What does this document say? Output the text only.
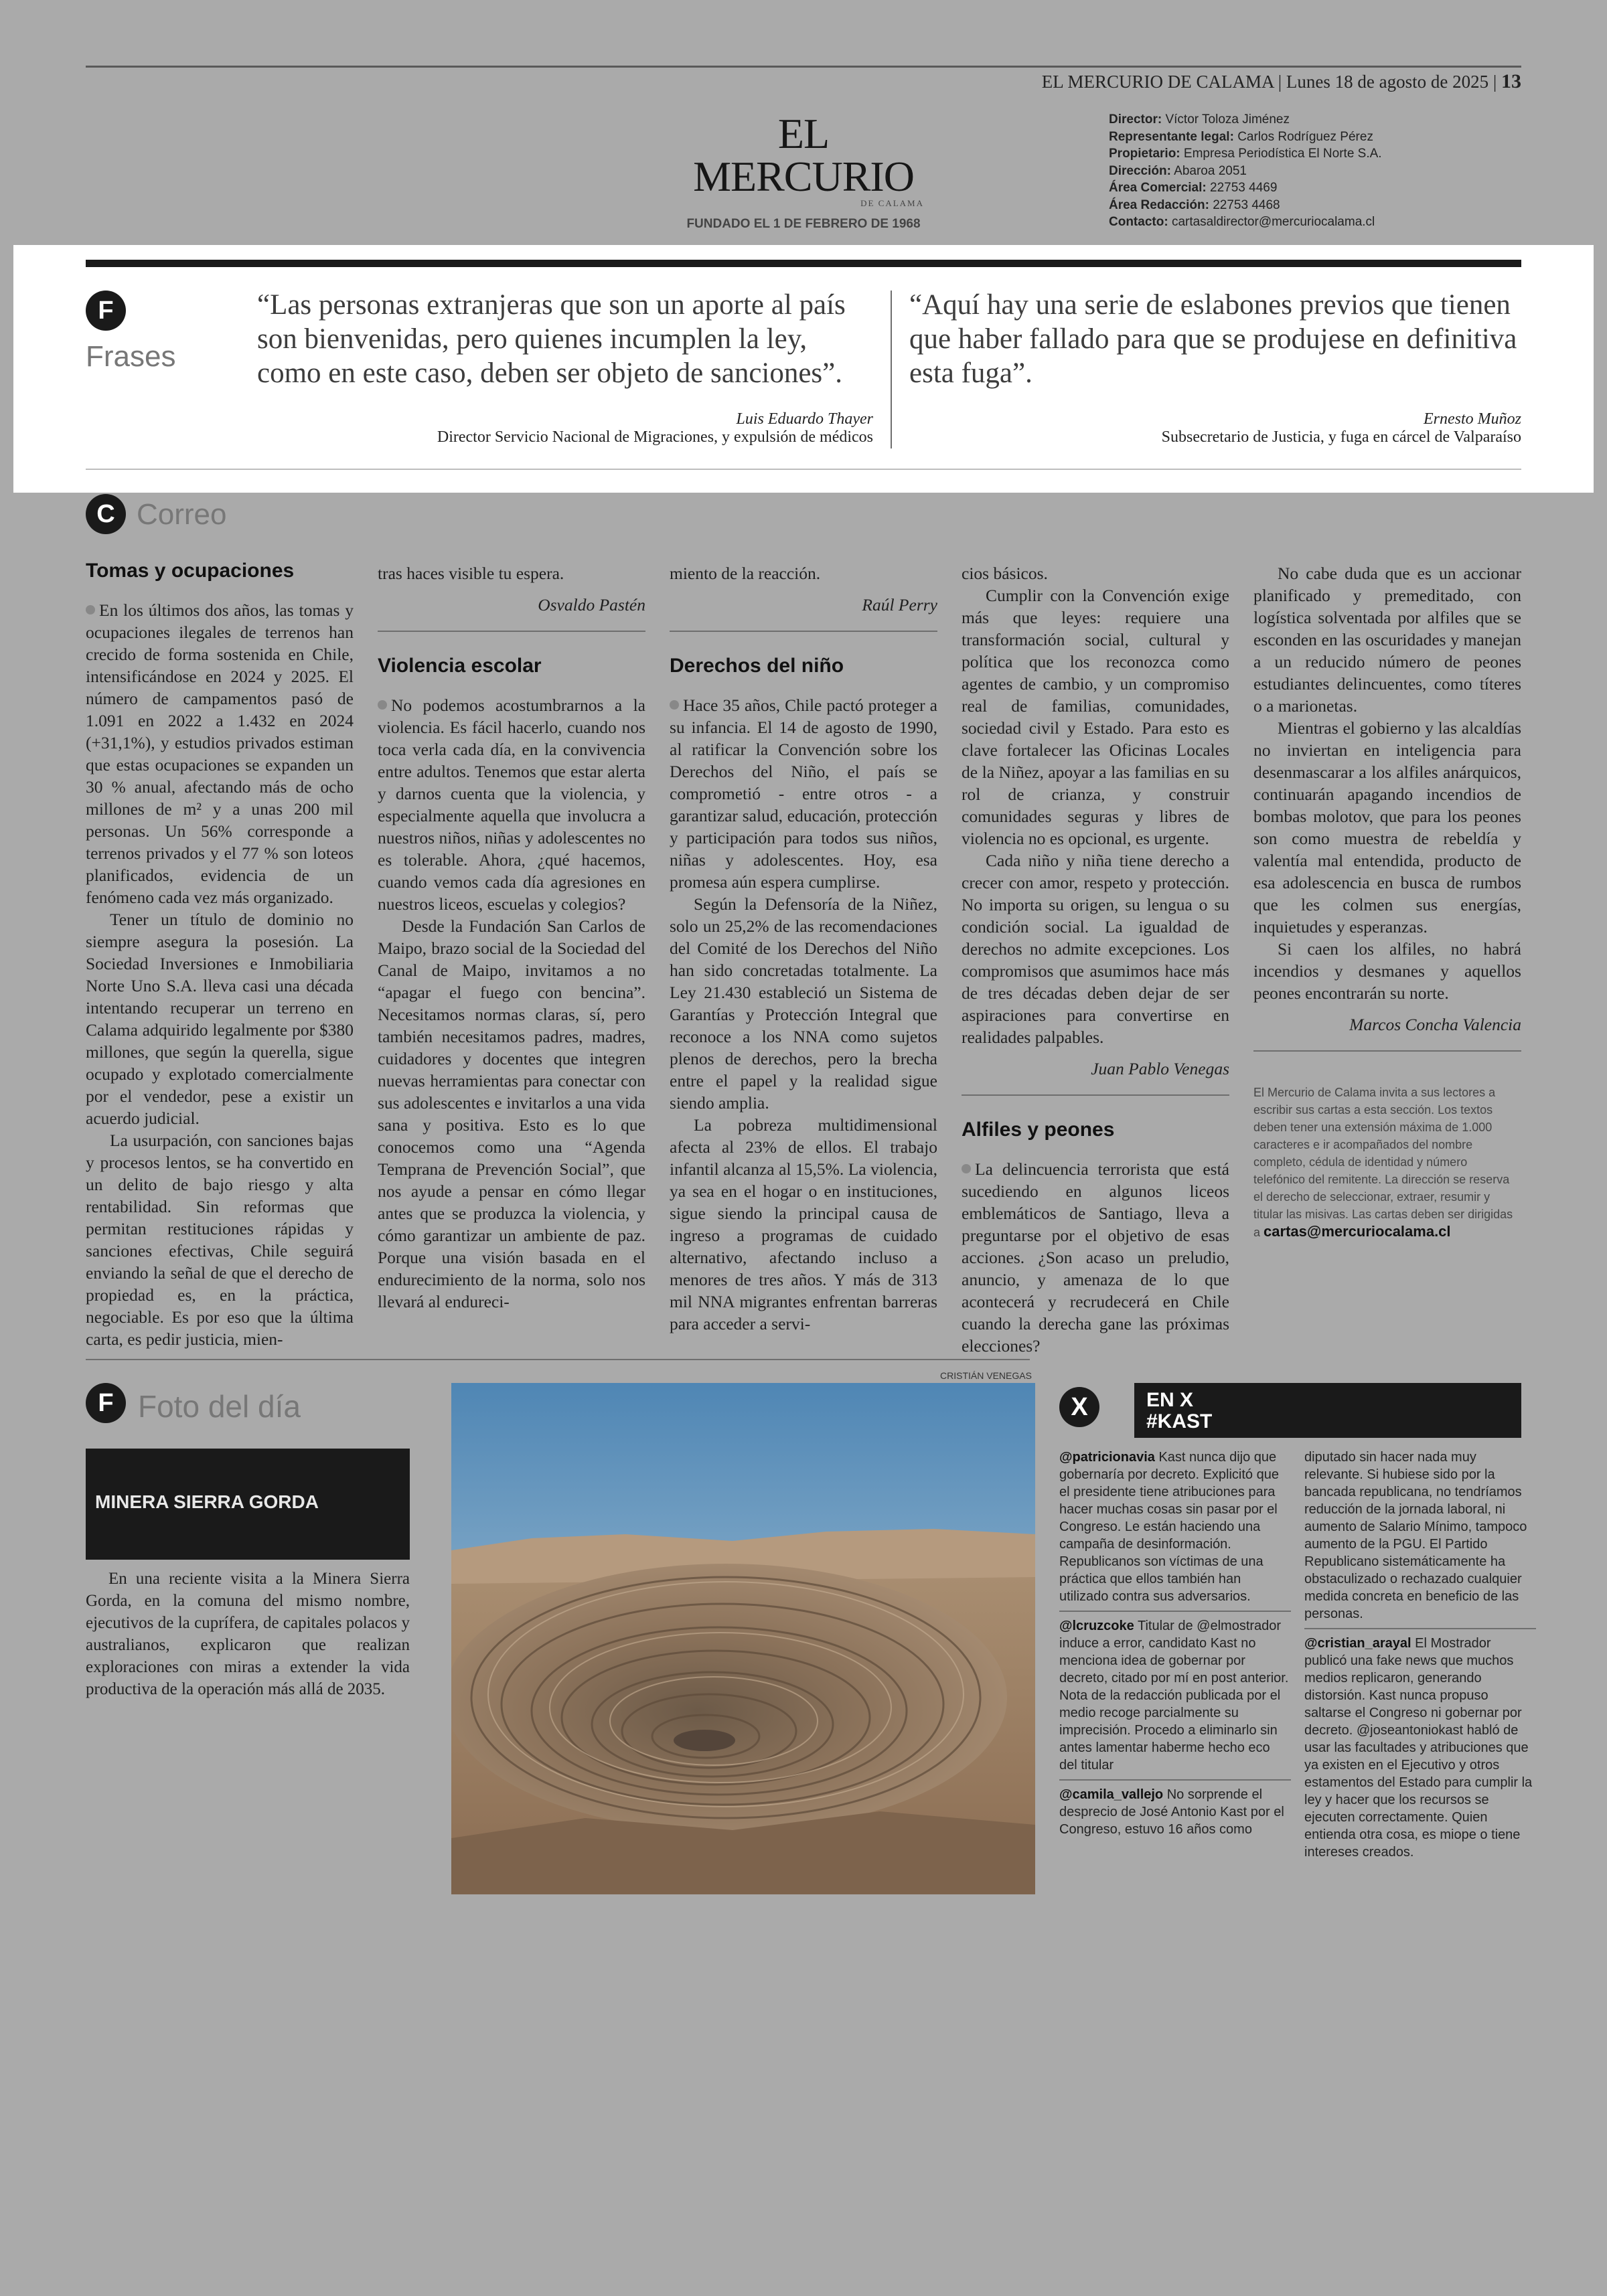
EL MERCURIO DE CALAMA | Lunes 18 de agosto de 2025 | 13
EL MERCURIO
DE CALAMA
FUNDADO EL 1 DE FEBRERO DE 1968
Director: Víctor Toloza Jiménez
Representante legal: Carlos Rodríguez Pérez
Propietario: Empresa Periodística El Norte S.A.
Dirección: Abaroa 2051
Área Comercial: 22753 4469
Área Redacción: 22753 4468
Contacto: cartasaldirector@mercuriocalama.cl
F
Frases
“Las personas extranjeras que son un aporte al país son bienvenidas, pero quienes incumplen la ley, como en este caso, deben ser objeto de sanciones”.
Luis Eduardo Thayer
Director Servicio Nacional de Migraciones, y expulsión de médicos
“Aquí hay una serie de eslabones previos que tienen que haber fallado para que se produjese en definitiva esta fuga”.
Ernesto Muñoz
Subsecretario de Justicia, y fuga en cárcel de Valparaíso
C Correo
Tomas y ocupaciones

En los últimos dos años, las tomas y ocupaciones ilegales de terrenos han crecido de forma sostenida en Chile, intensificándose en 2024 y 2025. El número de campamentos pasó de 1.091 en 2022 a 1.432 en 2024 (+31,1%), y estudios privados estiman que estas ocupaciones se expanden un 30 % anual, afectando más de ocho millones de m² y a unas 200 mil personas. Un 56% corresponde a terrenos privados y el 77 % son loteos planificados, evidencia de un fenómeno cada vez más organizado.

Tener un título de dominio no siempre asegura la posesión. La Sociedad Inversiones e Inmobiliaria Norte Uno S.A. lleva casi una década intentando recuperar un terreno en Calama adquirido legalmente por $380 millones, que según la querella, sigue ocupado y explotado comercialmente por el vendedor, pese a existir un acuerdo judicial.

La usurpación, con sanciones bajas y procesos lentos, se ha convertido en un delito de bajo riesgo y alta rentabilidad. Sin reformas que permitan restituciones rápidas y sanciones efectivas, Chile seguirá enviando la señal de que el derecho de propiedad es, en la práctica, negociable. Es por eso que la última carta, es pedir justicia, mien-

tras haces visible tu espera.

Osvaldo Pastén

Violencia escolar

No podemos acostumbrarnos a la violencia. Es fácil hacerlo, cuando nos toca verla cada día, en la convivencia entre adultos. Tenemos que estar alerta y darnos cuenta que la violencia, y especialmente aquella que involucra a nuestros niños, niñas y adolescentes no es tolerable. Ahora, ¿qué hacemos, cuando vemos cada día agresiones en nuestros liceos, escuelas y colegios?

Desde la Fundación San Carlos de Maipo, brazo social de la Sociedad del Canal de Maipo, invitamos a no “apagar el fuego con bencina”. Necesitamos normas claras, sí, pero también necesitamos padres, madres, cuidadores y docentes que integren nuevas herramientas para conectar con sus adolescentes e invitarlos a una vida sana y positiva. Esto es lo que conocemos como una “Agenda Temprana de Prevención Social”, que nos ayude a pensar en cómo llegar antes que se produzca la violencia, y cómo garantizar un ambiente de paz. Porque una visión basada en el endurecimiento de la norma, solo nos llevará al endureci-

miento de la reacción.

Raúl Perry

Derechos del niño

Hace 35 años, Chile pactó proteger a su infancia. El 14 de agosto de 1990, al ratificar la Convención sobre los Derechos del Niño, el país se comprometió - entre otros - a garantizar salud, educación, protección y participación para todos sus niños, niñas y adolescentes. Hoy, esa promesa aún espera cumplirse.

Según la Defensoría de la Niñez, solo un 25,2% de las recomendaciones del Comité de los Derechos del Niño han sido concretadas totalmente. La Ley 21.430 estableció un Sistema de Garantías y Protección Integral que reconoce a los NNA como sujetos plenos de derechos, pero la brecha entre el papel y la realidad sigue siendo amplia.

La pobreza multidimensional afecta al 23% de ellos. El trabajo infantil alcanza al 15,5%. La violencia, ya sea en el hogar o en instituciones, sigue siendo la principal causa de ingreso a programas de cuidado alternativo, afectando incluso a menores de tres años. Y más de 313 mil NNA migrantes enfrentan barreras para acceder a servi-

cios básicos.

Cumplir con la Convención exige más que leyes: requiere una transformación social, cultural y política que los reconozca como agentes de cambio, y un compromiso real de familias, comunidades, sociedad civil y Estado. Para esto es clave fortalecer las Oficinas Locales de la Niñez, apoyar a las familias en su rol de crianza, y construir comunidades seguras y libres de violencia no es opcional, es urgente.

Cada niño y niña tiene derecho a crecer con amor, respeto y protección. No importa su origen, su lengua o su condición social. La igualdad de derechos no admite excepciones. Los compromisos que asumimos hace más de tres décadas deben dejar de ser aspiraciones para convertirse en realidades palpables.

Juan Pablo Venegas

Alfiles y peones

La delincuencia terrorista que está sucediendo en algunos liceos emblemáticos de Santiago, lleva a preguntarse por el objetivo de esas acciones. ¿Son acaso un preludio, anuncio, y amenaza de lo que acontecerá y recrudecerá en Chile cuando la derecha gane las próximas elecciones?

No cabe duda que es un accionar planificado y premeditado, con logística solventada por alfiles que se esconden en las oscuridades y manejan a un reducido número de peones estudiantes delincuentes, como títeres o a marionetas.

Mientras el gobierno y las alcaldías no inviertan en inteligencia para desenmascarar a los alfiles anárquicos, continuarán apagando incendios de bombas molotov, que para los peones son como muestra de rebeldía y valentía mal entendida, producto de esa adolescencia en busca de rumbos que les colmen sus energías, inquietudes y esperanzas.

Si caen los alfiles, no habrá incendios y desmanes y aquellos peones encontrarán su norte.

Marcos Concha Valencia

El Mercurio de Calama invita a sus lectores a escribir sus cartas a esta sección. Los textos deben tener una extensión máxima de 1.000 caracteres e ir acompañados del nombre completo, cédula de identidad y número telefónico del remitente. La dirección se reserva el derecho de seleccionar, extraer, resumir y titular las misivas. Las cartas deben ser dirigidas a cartas@mercuriocalama.cl
F Foto del día
MINERA SIERRA GORDA
En una reciente visita a la Minera Sierra Gorda, en la comuna del mismo nombre, ejecutivos de la cuprífera, de capitales polacos y australianos, explicaron que realizan exploraciones con miras a extender la vida productiva de la operación más allá de 2035.
CRISTIÁN VENEGAS
X	EN X
#KAST
@patricionavia Kast nunca dijo que gobernaría por decreto. Explicitó que el presidente tiene atribuciones para hacer muchas cosas sin pasar por el Congreso. Le están haciendo una campaña de desinformación. Republicanos son víctimas de una práctica que ellos también han utilizado contra sus adversarios.
@lcruzcoke Titular de @elmostrador induce a error, candidato Kast no menciona idea de gobernar por decreto, citado por mí en post anterior. Nota de la redacción publicada por el medio recoge parcialmente su imprecisión. Procedo a eliminarlo sin antes lamentar haberme hecho eco del titular
@camila_vallejo No sorprende el desprecio de José Antonio Kast por el Congreso, estuvo 16 años como
diputado sin hacer nada muy relevante. Si hubiese sido por la bancada republicana, no tendríamos reducción de la jornada laboral, ni aumento de Salario Mínimo, tampoco aumento de la PGU. El Partido Republicano sistemáticamente ha obstaculizado o rechazado cualquier medida concreta en beneficio de las personas.
@cristian_arayal El Mostrador publicó una fake news que muchos medios replicaron, generando distorsión. Kast nunca propuso saltarse el Congreso ni gobernar por decreto. @joseantoniokast habló de usar las facultades y atribuciones que ya existen en el Ejecutivo y otros estamentos del Estado para cumplir la ley y hacer que los recursos se ejecuten correctamente. Quien entienda otra cosa, es miope o tiene intereses creados.
